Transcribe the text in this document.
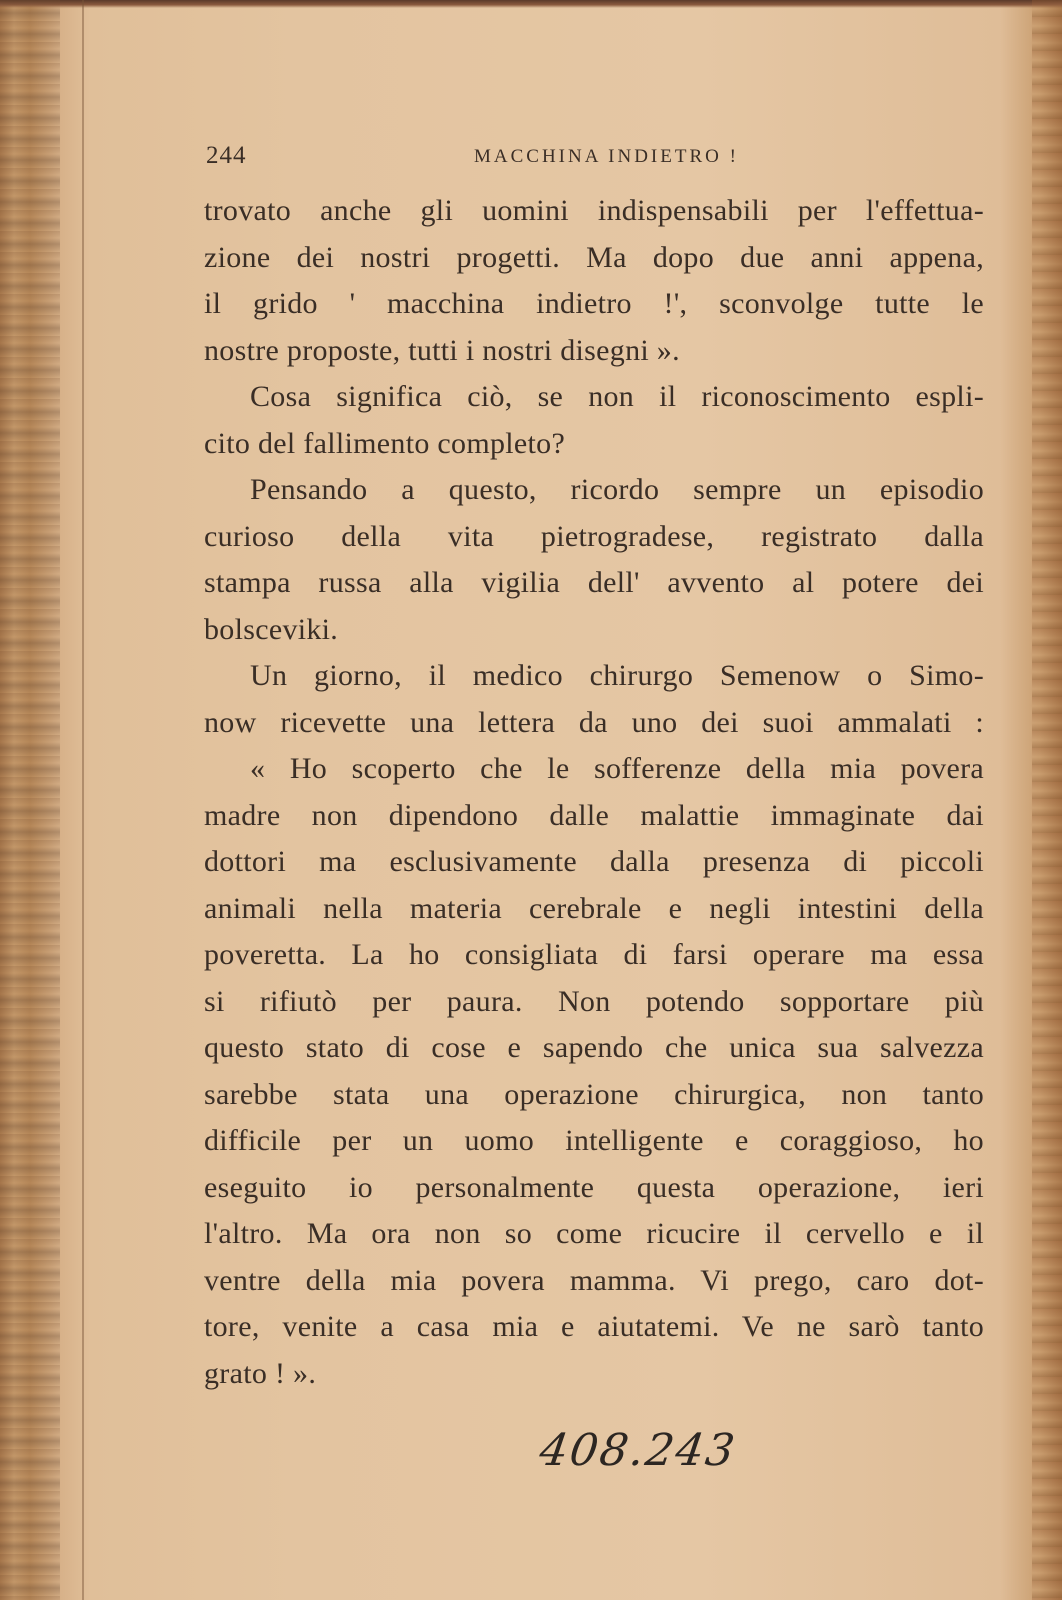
244	MACCHINA INDIETRO !
trovato anche gli uomini indispensabili per l'effettua-
zione dei nostri progetti. Ma dopo due anni appena,
il grido ' macchina indietro !', sconvolge tutte le
nostre proposte, tutti i nostri disegni ».
Cosa significa ciò, se non il riconoscimento espli-
cito del fallimento completo?
Pensando a questo, ricordo sempre un episodio
curioso della vita pietrogradese, registrato dalla
stampa russa alla vigilia dell' avvento al potere dei
bolsceviki.
Un giorno, il medico chirurgo Semenow o Simo-
now ricevette una lettera da uno dei suoi ammalati :
« Ho scoperto che le sofferenze della mia povera
madre non dipendono dalle malattie immaginate dai
dottori ma esclusivamente dalla presenza di piccoli
animali nella materia cerebrale e negli intestini della
poveretta. La ho consigliata di farsi operare ma essa
si rifiutò per paura. Non potendo sopportare più
questo stato di cose e sapendo che unica sua salvezza
sarebbe stata una operazione chirurgica, non tanto
difficile per un uomo intelligente e coraggioso, ho
eseguito io personalmente questa operazione, ieri
l'altro. Ma ora non so come ricucire il cervello e il
ventre della mia povera mamma. Vi prego, caro dot-
tore, venite a casa mia e aiutatemi. Ve ne sarò tanto
grato ! ».
408.243
